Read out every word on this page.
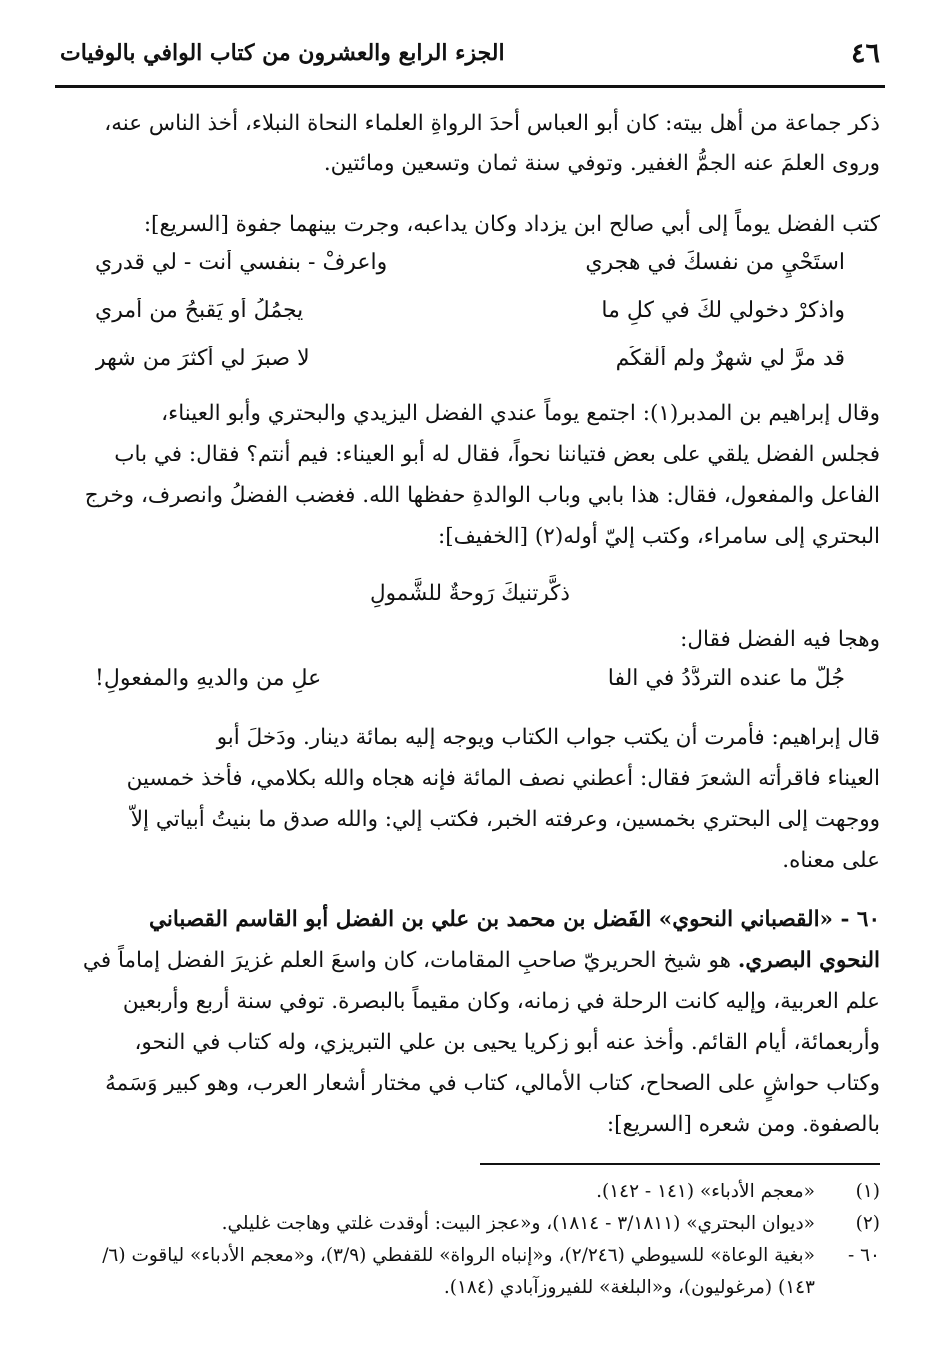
٤٦
الجزء الرابع والعشرون من كتاب الوافي بالوفيات
ذكر جماعة من أهل بيته: كان أبو العباس أحدَ الرواةِ العلماء النحاة النبلاء، أخذ الناس عنه،
وروى العلمَ عنه الجمُّ الغفير. وتوفي سنة ثمان وتسعين ومائتين.
كتب الفضل يوماً إلى أبي صالح ابن يزداد وكان يداعبه، وجرت بينهما جفوة [السريع]:
استَحْيِ من نفسكَ في هجري
واعرفْ - بنفسي أنت - لي قدري
واذكرْ دخولي لكَ في كلِ ما
يجمُلُ أو يَقبحُ من أمري
قد مرَّ لي شهرٌ ولم ألْقكُم
لا صبرَ لي أكثرَ من شهر
وقال إبراهيم بن المدبر(١): اجتمع يوماً عندي الفضل اليزيدي والبحتري وأبو العيناء،
فجلس الفضل يلقي على بعض فتياننا نحواً، فقال له أبو العيناء: فيم أنتم؟ فقال: في باب
الفاعل والمفعول، فقال: هذا بابي وباب الوالدةِ حفظها الله. فغضب الفضلُ وانصرف، وخرج
البحتري إلى سامراء، وكتب إليّ أوله(٢) [الخفيف]:
ذكَّرتنيكَ رَوحةٌ للشَّمولِ
وهجا فيه الفضل فقال:
جُلُّ ما عنده التردُّدُ في الفا
علِ من والديهِ والمفعولِ!
قال إبراهيم: فأمرت أن يكتب جواب الكتاب ويوجه إليه بمائة دينار. ودَخلَ أبو
العيناء فاقرأته الشعرَ فقال: أعطني نصف المائة فإنه هجاه والله بكلامي، فأخذ خمسين
ووجهت إلى البحتري بخمسين، وعرفته الخبر، فكتب إلي: والله صدق ما بنيتُ أبياتي إلاّ
على معناه.
٦٠ - «القصباني النحوي» الفَضل بن محمد بن علي بن الفضل أبو القاسم القصباني
النحوي البصري. هو شيخ الحريريّ صاحبِ المقامات، كان واسعَ العلم غزيرَ الفضل إماماً في
علم العربية، وإليه كانت الرحلة في زمانه، وكان مقيماً بالبصرة. توفي سنة أربع وأربعين
وأربعمائة، أيام القائم. وأخذ عنه أبو زكريا يحيى بن علي التبريزي، وله كتاب في النحو،
وكتاب حواشٍ على الصحاح، كتاب الأمالي، كتاب في مختار أشعار العرب، وهو كبير وَسَمهُ
بالصفوة. ومن شعره [السريع]:
(١)«معجم الأدباء» (١٤١ - ١٤٢).
(٢)«ديوان البحتري» (٣/١٨١١ - ١٨١٤)، و«عجز البيت: أوقدت غلتي وهاجت غليلي.
٦٠ -«بغية الوعاة» للسيوطي (٢/٢٤٦)، و«إنباه الرواة» للقفطي (٣/٩)، و«معجم الأدباء» لياقوت (٦/
١٤٣) (مرغوليون)، و«البلغة» للفيروزآبادي (١٨٤).
